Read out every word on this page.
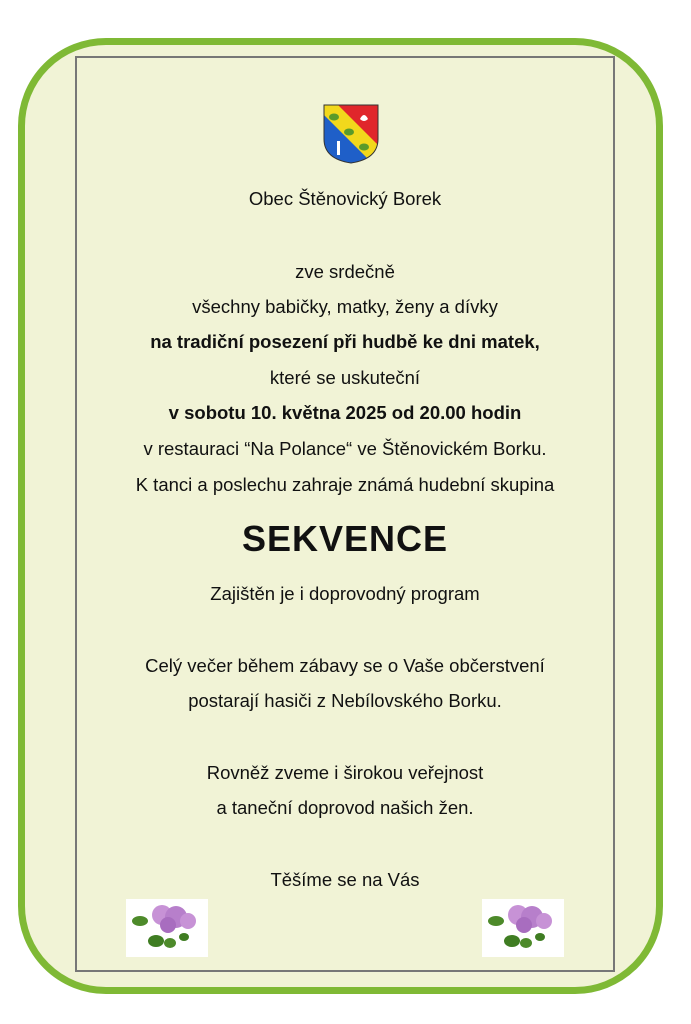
Obec Štěnovický Borek
zve srdečně
všechny babičky, matky, ženy a dívky
na tradiční posezení při hudbě ke dni matek,
které se uskuteční
v sobotu 10. května 2025 od 20.00 hodin
v restauraci “Na Polance“ ve Štěnovickém Borku.
K tanci a poslechu zahraje známá hudební skupina
SEKVENCE
Zajištěn je i doprovodný program
Celý večer během zábavy se o Vaše občerstvení
postarají hasiči z Nebílovského Borku.
Rovněž zveme i širokou veřejnost
a taneční doprovod našich žen.
Těšíme se na Vás
